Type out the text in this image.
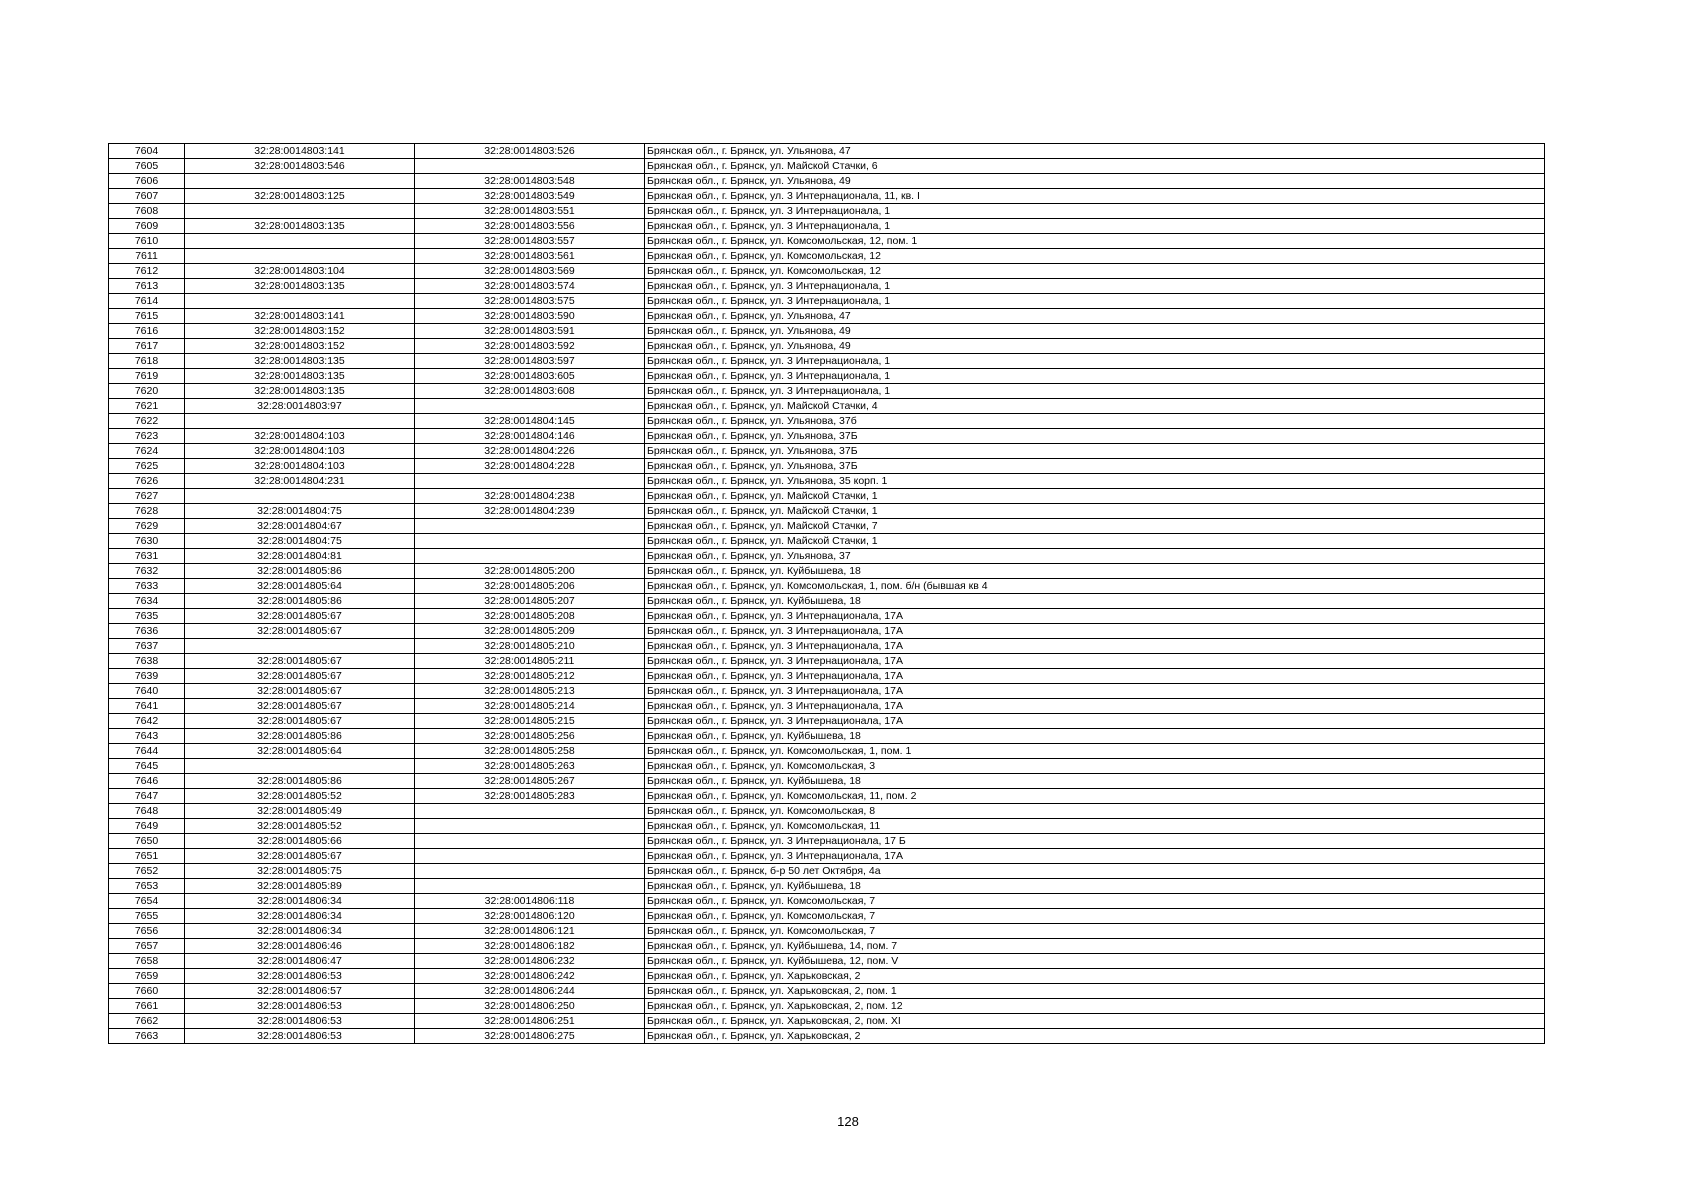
7604	32:28:0014803:141	32:28:0014803:526	Брянская обл., г. Брянск, ул. Ульянова, 47
7605	32:28:0014803:546		Брянская обл., г. Брянск, ул. Майской Стачки, 6
7606		32:28:0014803:548	Брянская обл., г. Брянск, ул. Ульянова, 49
7607	32:28:0014803:125	32:28:0014803:549	Брянская обл., г. Брянск, ул. 3 Интернационала, 11, кв. I
7608		32:28:0014803:551	Брянская обл., г. Брянск, ул. 3 Интернационала, 1
7609	32:28:0014803:135	32:28:0014803:556	Брянская обл., г. Брянск, ул. 3 Интернационала, 1
7610		32:28:0014803:557	Брянская обл., г. Брянск, ул. Комсомольская, 12, пом. 1
7611		32:28:0014803:561	Брянская обл., г. Брянск, ул. Комсомольская, 12
7612	32:28:0014803:104	32:28:0014803:569	Брянская обл., г. Брянск, ул. Комсомольская, 12
7613	32:28:0014803:135	32:28:0014803:574	Брянская обл., г. Брянск, ул. 3 Интернационала, 1
7614		32:28:0014803:575	Брянская обл., г. Брянск, ул. 3 Интернационала, 1
7615	32:28:0014803:141	32:28:0014803:590	Брянская обл., г. Брянск, ул. Ульянова, 47
7616	32:28:0014803:152	32:28:0014803:591	Брянская обл., г. Брянск, ул. Ульянова, 49
7617	32:28:0014803:152	32:28:0014803:592	Брянская обл., г. Брянск, ул. Ульянова, 49
7618	32:28:0014803:135	32:28:0014803:597	Брянская обл., г. Брянск, ул. 3 Интернационала, 1
7619	32:28:0014803:135	32:28:0014803:605	Брянская обл., г. Брянск, ул. 3 Интернационала, 1
7620	32:28:0014803:135	32:28:0014803:608	Брянская обл., г. Брянск, ул. 3 Интернационала, 1
7621	32:28:0014803:97		Брянская обл., г. Брянск, ул. Майской Стачки, 4
7622		32:28:0014804:145	Брянская обл., г. Брянск, ул. Ульянова, 37б
7623	32:28:0014804:103	32:28:0014804:146	Брянская обл., г. Брянск, ул. Ульянова, 37Б
7624	32:28:0014804:103	32:28:0014804:226	Брянская обл., г. Брянск, ул. Ульянова, 37Б
7625	32:28:0014804:103	32:28:0014804:228	Брянская обл., г. Брянск, ул. Ульянова, 37Б
7626	32:28:0014804:231		Брянская обл., г. Брянск, ул. Ульянова, 35 корп. 1
7627		32:28:0014804:238	Брянская обл., г. Брянск, ул. Майской Стачки, 1
7628	32:28:0014804:75	32:28:0014804:239	Брянская обл., г. Брянск, ул. Майской Стачки, 1
7629	32:28:0014804:67		Брянская обл., г. Брянск, ул. Майской Стачки, 7
7630	32:28:0014804:75		Брянская обл., г. Брянск, ул. Майской Стачки, 1
7631	32:28:0014804:81		Брянская обл., г. Брянск, ул. Ульянова, 37
7632	32:28:0014805:86	32:28:0014805:200	Брянская обл., г. Брянск, ул. Куйбышева, 18
7633	32:28:0014805:64	32:28:0014805:206	Брянская обл., г. Брянск, ул. Комсомольская, 1, пом. б/н (бывшая кв 4
7634	32:28:0014805:86	32:28:0014805:207	Брянская обл., г. Брянск, ул. Куйбышева, 18
7635	32:28:0014805:67	32:28:0014805:208	Брянская обл., г. Брянск, ул. 3 Интернационала, 17А
7636	32:28:0014805:67	32:28:0014805:209	Брянская обл., г. Брянск, ул. 3 Интернационала, 17А
7637		32:28:0014805:210	Брянская обл., г. Брянск, ул. 3 Интернационала, 17А
7638	32:28:0014805:67	32:28:0014805:211	Брянская обл., г. Брянск, ул. 3 Интернационала, 17А
7639	32:28:0014805:67	32:28:0014805:212	Брянская обл., г. Брянск, ул. 3 Интернационала, 17А
7640	32:28:0014805:67	32:28:0014805:213	Брянская обл., г. Брянск, ул. 3 Интернационала, 17А
7641	32:28:0014805:67	32:28:0014805:214	Брянская обл., г. Брянск, ул. 3 Интернационала, 17А
7642	32:28:0014805:67	32:28:0014805:215	Брянская обл., г. Брянск, ул. 3 Интернационала, 17А
7643	32:28:0014805:86	32:28:0014805:256	Брянская обл., г. Брянск, ул. Куйбышева, 18
7644	32:28:0014805:64	32:28:0014805:258	Брянская обл., г. Брянск, ул. Комсомольская, 1, пом. 1
7645		32:28:0014805:263	Брянская обл., г. Брянск, ул. Комсомольская, 3
7646	32:28:0014805:86	32:28:0014805:267	Брянская обл., г. Брянск, ул. Куйбышева, 18
7647	32:28:0014805:52	32:28:0014805:283	Брянская обл., г. Брянск, ул. Комсомольская, 11, пом. 2
7648	32:28:0014805:49		Брянская обл., г. Брянск, ул. Комсомольская, 8
7649	32:28:0014805:52		Брянская обл., г. Брянск, ул. Комсомольская, 11
7650	32:28:0014805:66		Брянская обл., г. Брянск, ул. 3 Интернационала, 17 Б
7651	32:28:0014805:67		Брянская обл., г. Брянск, ул. 3 Интернационала, 17А
7652	32:28:0014805:75		Брянская обл., г. Брянск, б-р 50 лет Октября, 4а
7653	32:28:0014805:89		Брянская обл., г. Брянск, ул. Куйбышева, 18
7654	32:28:0014806:34	32:28:0014806:118	Брянская обл., г. Брянск, ул. Комсомольская, 7
7655	32:28:0014806:34	32:28:0014806:120	Брянская обл., г. Брянск, ул. Комсомольская, 7
7656	32:28:0014806:34	32:28:0014806:121	Брянская обл., г. Брянск, ул. Комсомольская, 7
7657	32:28:0014806:46	32:28:0014806:182	Брянская обл., г. Брянск, ул. Куйбышева, 14, пом. 7
7658	32:28:0014806:47	32:28:0014806:232	Брянская обл., г. Брянск, ул. Куйбышева, 12, пом. V
7659	32:28:0014806:53	32:28:0014806:242	Брянская обл., г. Брянск, ул. Харьковская, 2
7660	32:28:0014806:57	32:28:0014806:244	Брянская обл., г. Брянск, ул. Харьковская, 2, пом. 1
7661	32:28:0014806:53	32:28:0014806:250	Брянская обл., г. Брянск, ул. Харьковская, 2, пом. 12
7662	32:28:0014806:53	32:28:0014806:251	Брянская обл., г. Брянск, ул. Харьковская, 2, пом. XI
7663	32:28:0014806:53	32:28:0014806:275	Брянская обл., г. Брянск, ул. Харьковская, 2
128
